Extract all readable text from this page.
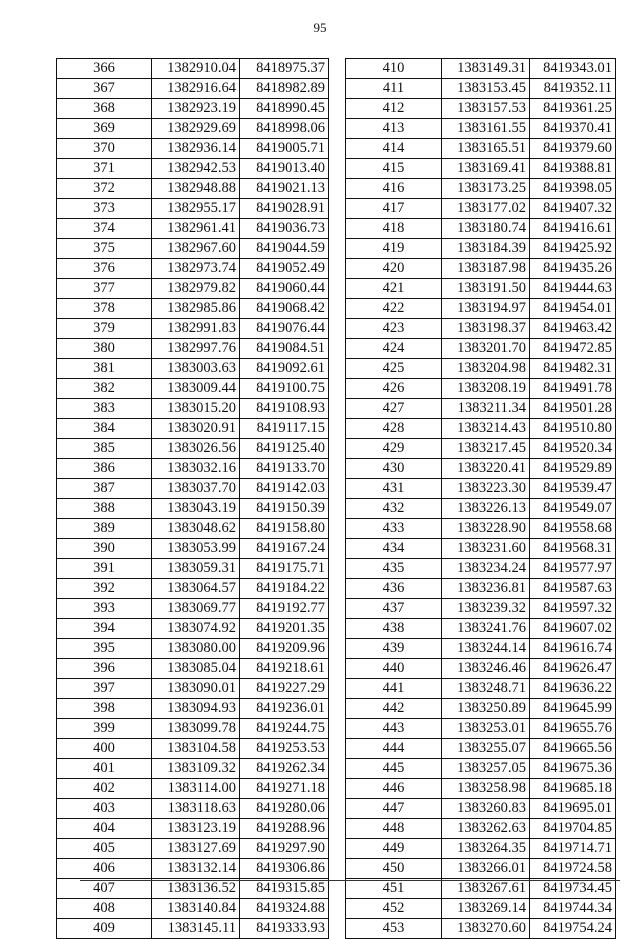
95
366	1382910.04	8418975.37
367	1382916.64	8418982.89
368	1382923.19	8418990.45
369	1382929.69	8418998.06
370	1382936.14	8419005.71
371	1382942.53	8419013.40
372	1382948.88	8419021.13
373	1382955.17	8419028.91
374	1382961.41	8419036.73
375	1382967.60	8419044.59
376	1382973.74	8419052.49
377	1382979.82	8419060.44
378	1382985.86	8419068.42
379	1382991.83	8419076.44
380	1382997.76	8419084.51
381	1383003.63	8419092.61
382	1383009.44	8419100.75
383	1383015.20	8419108.93
384	1383020.91	8419117.15
385	1383026.56	8419125.40
386	1383032.16	8419133.70
387	1383037.70	8419142.03
388	1383043.19	8419150.39
389	1383048.62	8419158.80
390	1383053.99	8419167.24
391	1383059.31	8419175.71
392	1383064.57	8419184.22
393	1383069.77	8419192.77
394	1383074.92	8419201.35
395	1383080.00	8419209.96
396	1383085.04	8419218.61
397	1383090.01	8419227.29
398	1383094.93	8419236.01
399	1383099.78	8419244.75
400	1383104.58	8419253.53
401	1383109.32	8419262.34
402	1383114.00	8419271.18
403	1383118.63	8419280.06
404	1383123.19	8419288.96
405	1383127.69	8419297.90
406	1383132.14	8419306.86
407	1383136.52	8419315.85
408	1383140.84	8419324.88
409	1383145.11	8419333.93
410	1383149.31	8419343.01
411	1383153.45	8419352.11
412	1383157.53	8419361.25
413	1383161.55	8419370.41
414	1383165.51	8419379.60
415	1383169.41	8419388.81
416	1383173.25	8419398.05
417	1383177.02	8419407.32
418	1383180.74	8419416.61
419	1383184.39	8419425.92
420	1383187.98	8419435.26
421	1383191.50	8419444.63
422	1383194.97	8419454.01
423	1383198.37	8419463.42
424	1383201.70	8419472.85
425	1383204.98	8419482.31
426	1383208.19	8419491.78
427	1383211.34	8419501.28
428	1383214.43	8419510.80
429	1383217.45	8419520.34
430	1383220.41	8419529.89
431	1383223.30	8419539.47
432	1383226.13	8419549.07
433	1383228.90	8419558.68
434	1383231.60	8419568.31
435	1383234.24	8419577.97
436	1383236.81	8419587.63
437	1383239.32	8419597.32
438	1383241.76	8419607.02
439	1383244.14	8419616.74
440	1383246.46	8419626.47
441	1383248.71	8419636.22
442	1383250.89	8419645.99
443	1383253.01	8419655.76
444	1383255.07	8419665.56
445	1383257.05	8419675.36
446	1383258.98	8419685.18
447	1383260.83	8419695.01
448	1383262.63	8419704.85
449	1383264.35	8419714.71
450	1383266.01	8419724.58
451	1383267.61	8419734.45
452	1383269.14	8419744.34
453	1383270.60	8419754.24
